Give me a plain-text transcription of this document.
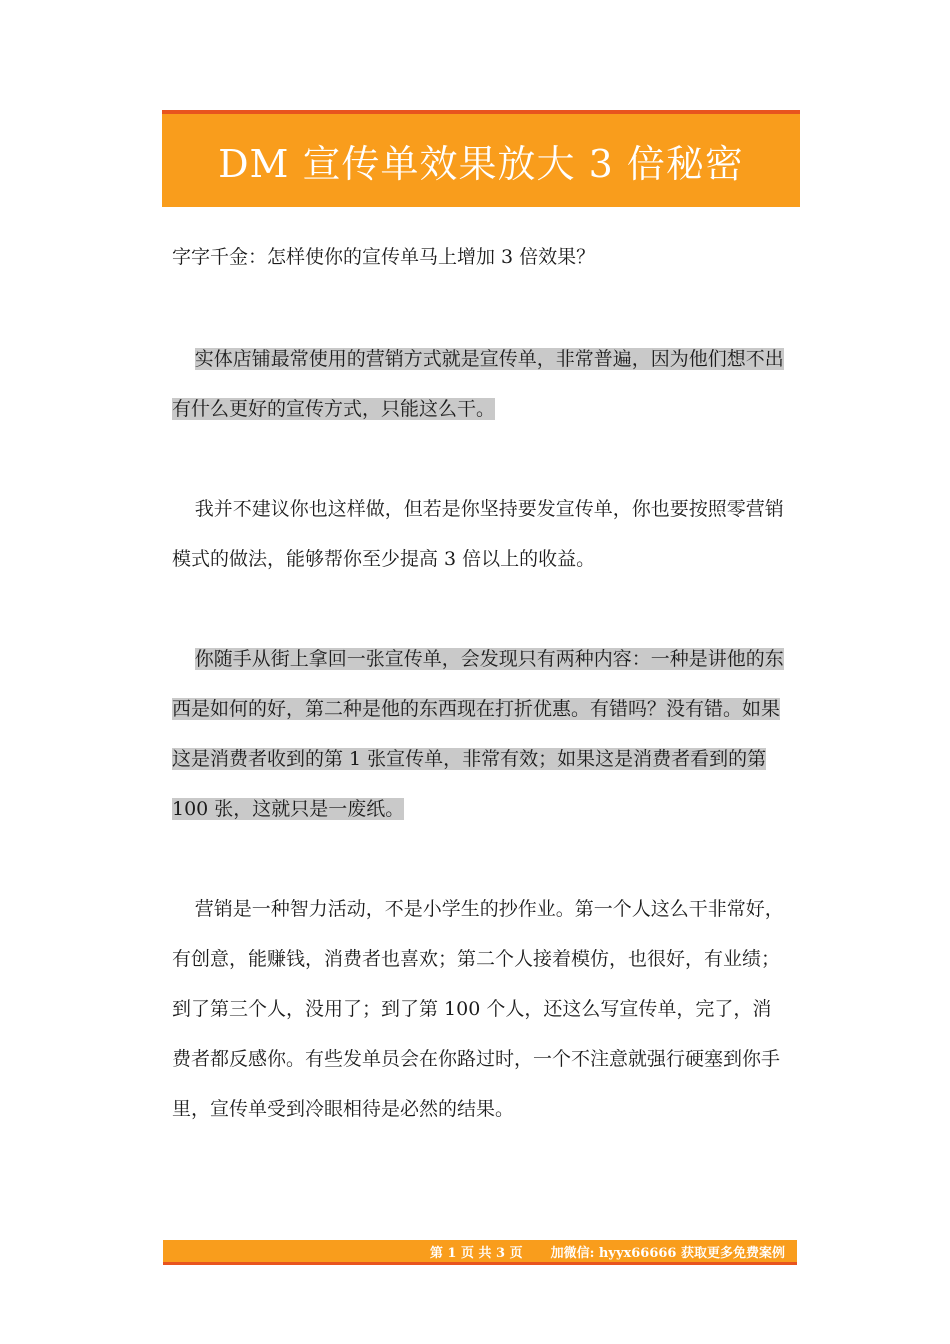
DM 宣传单效果放大 3 倍秘密

字字千金：怎样使你的宣传单马上增加 3 倍效果？

实体店铺最常使用的营销方式就是宣传单，非常普遍，因为他们想不出有什么更好的宣传方式，只能这么干。

我并不建议你也这样做，但若是你坚持要发宣传单，你也要按照零营销模式的做法，能够帮你至少提高 3 倍以上的收益。

你随手从街上拿回一张宣传单，会发现只有两种内容：一种是讲他的东西是如何的好，第二种是他的东西现在打折优惠。有错吗？没有错。如果这是消费者收到的第 1 张宣传单，非常有效；如果这是消费者看到的第 100 张，这就只是一废纸。

营销是一种智力活动，不是小学生的抄作业。第一个人这么干非常好，有创意，能赚钱，消费者也喜欢；第二个人接着模仿，也很好，有业绩；到了第三个人，没用了；到了第 100 个人，还这么写宣传单，完了，消费者都反感你。有些发单员会在你路过时，一个不注意就强行硬塞到你手里，宣传单受到冷眼相待是必然的结果。

第 1 页 共 3 页 加微信: hyyx66666 获取更多免费案例
